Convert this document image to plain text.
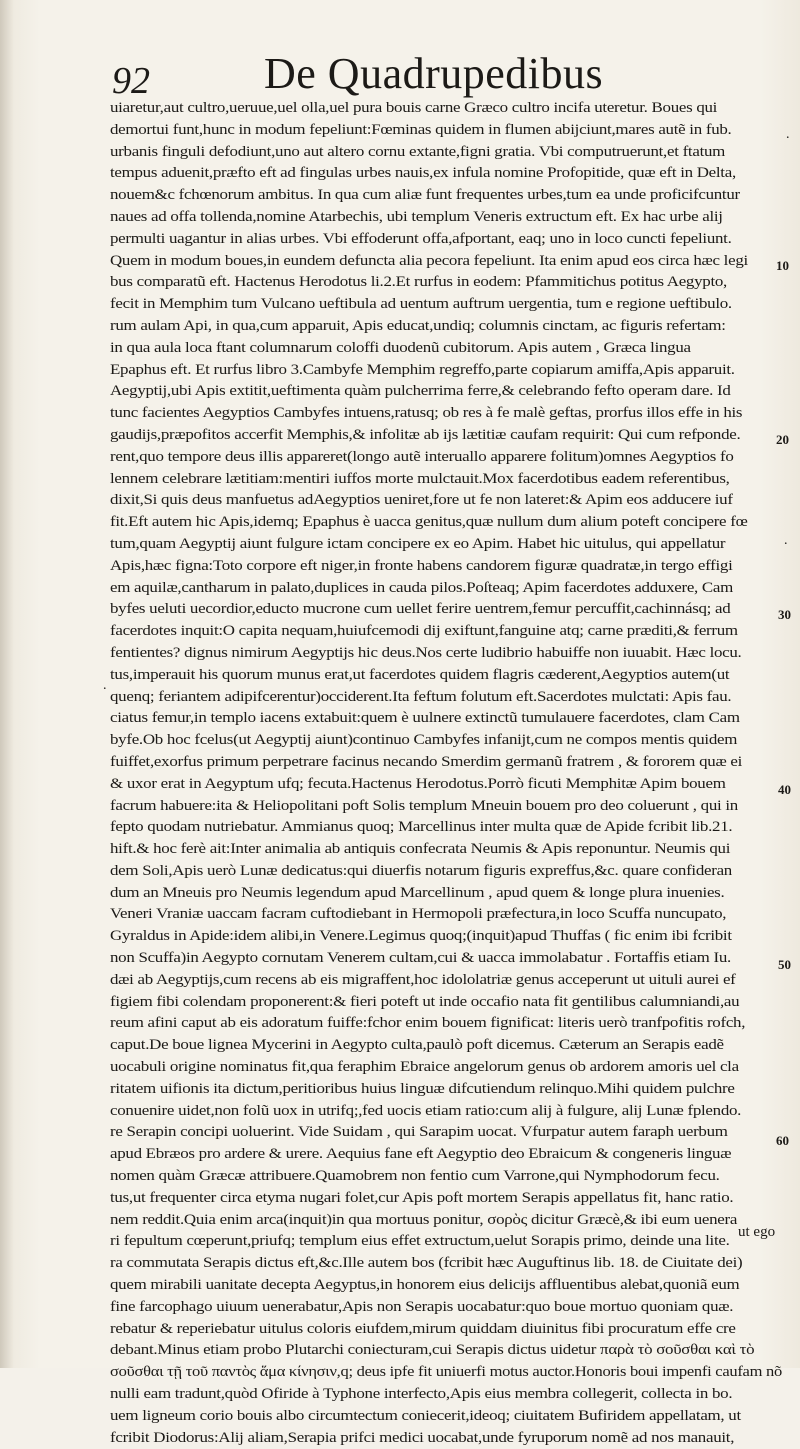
92	De Quadrupedibus
uiaretur,aut cultro,ueruue,uel olla,uel pura bouis carne Græco cultro incifa uteretur. Boues qui
demortui funt,hunc in modum fepeliunt:Fœminas quidem in flumen abijciunt,mares autẽ in fub.
urbanis finguli defodiunt,uno aut altero cornu extante,figni gratia. Vbi computruerunt,et ftatum
tempus aduenit,præfto eft ad fingulas urbes nauis,ex infula nomine Profopitide, quæ eft in Delta,
nouem&c fchœnorum ambitus. In qua cum aliæ funt frequentes urbes,tum ea unde proficifcuntur
naues ad offa tollenda,nomine Atarbechis, ubi templum Veneris extructum eft. Ex hac urbe alij
permulti uagantur in alias urbes. Vbi effoderunt offa,afportant, eaq; uno in loco cuncti fepeliunt.
Quem in modum boues,in eundem defuncta alia pecora fepeliunt. Ita enim apud eos circa hæc legi
bus comparatũ eft. Hactenus Herodotus li.2.Et rurfus in eodem: Pfammitichus potitus Aegypto,
fecit in Memphim tum Vulcano ueftibula ad uentum auftrum uergentia, tum e regione ueftibulo.
rum aulam Api, in qua,cum apparuit, Apis educat,undiq; columnis cinctam, ac figuris refertam:
in qua aula loca ftant columnarum coloffi duodenũ cubitorum. Apis autem , Græca lingua
Epaphus eft. Et rurfus libro 3.Cambyfe Memphim regreffo,parte copiarum amiffa,Apis apparuit.
Aegyptij,ubi Apis extitit,ueftimenta quàm pulcherrima ferre,& celebrando fefto operam dare. Id
tunc facientes Aegyptios Cambyfes intuens,ratusq; ob res à fe malè geftas, prorfus illos effe in his
gaudijs,præpofitos accerfit Memphis,& infolitæ ab ijs lætitiæ caufam requirit: Qui cum refponde.
rent,quo tempore deus illis appareret(longo autẽ interuallo apparere folitum)omnes Aegyptios fo
lennem celebrare lætitiam:mentiri iuffos morte mulctauit.Mox facerdotibus eadem referentibus,
dixit,Si quis deus manfuetus adAegyptios ueniret,fore ut fe non lateret:& Apim eos adducere iuf
fit.Eft autem hic Apis,idemq; Epaphus è uacca genitus,quæ nullum dum alium poteft concipere fœ
tum,quam Aegyptij aiunt fulgure ictam concipere ex eo Apim. Habet hic uitulus, qui appellatur
Apis,hæc figna:Toto corpore eft niger,in fronte habens candorem figuræ quadratæ,in tergo effigi
em aquilæ,cantharum in palato,duplices in cauda pilos.Poſteaq; Apim facerdotes adduxere, Cam
byfes ueluti uecordior,educto mucrone cum uellet ferire uentrem,femur percuffit,cachinnásq; ad
facerdotes inquit:O capita nequam,huiufcemodi dij exiftunt,fanguine atq; carne prӕditi,& ferrum
fentientes? dignus nimirum Aegyptijs hic deus.Nos certe ludibrio habuiffe non iuuabit. Hæc locu.
tus,imperauit his quorum munus erat,ut facerdotes quidem flagris cæderent,Aegyptios autem(ut
quenq; feriantem adipifcerentur)occiderent.Ita feftum folutum eft.Sacerdotes mulctati: Apis fau.
ciatus femur,in templo iacens extabuit:quem è uulnere extinctũ tumulauere facerdotes, clam Cam
byfe.Ob hoc fcelus(ut Aegyptij aiunt)continuo Cambyfes infanijt,cum ne compos mentis quidem
fuiffet,exorfus primum perpetrare facinus necando Smerdim germanũ fratrem , & fororem quæ ei
& uxor erat in Aegyptum ufq; fecuta.Hactenus Herodotus.Porrò ficuti Memphitæ Apim bouem
facrum habuere:ita & Heliopolitani poft Solis templum Mneuin bouem pro deo coluerunt , qui in
fepto quodam nutriebatur. Ammianus quoq; Marcellinus inter multa quæ de Apide fcribit lib.21.
hift.& hoc ferè ait:Inter animalia ab antiquis confecrata Neumis & Apis reponuntur. Neumis qui
dem Soli,Apis uerò Lunæ dedicatus:qui diuerfis notarum figuris expreffus,&c. quare confideran
dum an Mneuis pro Neumis legendum apud Marcellinum , apud quem & longe plura inuenies.
Veneri Vraniæ uaccam facram cuftodiebant in Hermopoli præfectura,in loco Scuffa nuncupato,
Gyraldus in Apide:idem alibi,in Venere.Legimus quoq;(inquit)apud Thuffas ( fic enim ibi fcribit
non Scuffa)in Aegypto cornutam Venerem cultam,cui & uacca immolabatur . Fortaffis etiam Iu.
dæi ab Aegyptijs,cum recens ab eis migraffent,hoc idololatriæ genus acceperunt ut uituli aurei ef
figiem fibi colendam proponerent:& fieri poteft ut inde occafio nata fit gentilibus calumniandi,au
reum afini caput ab eis adoratum fuiffe:fchor enim bouem fignificat: literis uerò tranfpofitis rofch,
caput.De boue lignea Mycerini in Aegypto culta,paulò poft dicemus. Cæterum an Serapis eadẽ
uocabuli origine nominatus fit,qua feraphim Ebraice angelorum genus ob ardorem amoris uel cla
ritatem uifionis ita dictum,peritioribus huius linguæ difcutiendum relinquo.Mihi quidem pulchre
conuenire uidet,non folũ uox in utrifq;,fed uocis etiam ratio:cum alij à fulgure, alij Lunæ fplendo.
re Serapin concipi uoluerint. Vide Suidam , qui Sarapim uocat. Vfurpatur autem faraph uerbum
apud Ebræos pro ardere & urere. Aequius fane eft Aegyptio deo Ebraicum & congeneris linguæ
nomen quàm Græcæ attribuere.Quamobrem non fentio cum Varrone,qui Nymphodorum fecu.
tus,ut frequenter circa etyma nugari folet,cur Apis poft mortem Serapis appellatus fit, hanc ratio.
nem reddit.Quia enim arca(inquit)in qua mortuus ponitur, σορὸς dicitur Græcè,& ibi eum uenera
ri fepultum cœperunt,priufq; templum eius effet extructum,uelut Sorapis primo, deinde una lite.
ra commutata Serapis dictus eft,&c.Ille autem bos (fcribit hæc Auguftinus lib. 18. de Ciuitate dei)
quem mirabili uanitate decepta Aegyptus,in honorem eius delicijs affluentibus alebat,quoniã eum
fine farcophago uiuum uenerabatur,Apis non Serapis uocabatur:quo boue mortuo quoniam quæ.
rebatur & reperiebatur uitulus coloris eiufdem,mirum quiddam diuinitus fibi procuratum effe cre
debant.Minus etiam probo Plutarchi coniecturam,cui Serapis dictus uidetur παρὰ τὸ σοῦσθαι καὶ τὸ
σοῦσθαι τῇ τοῦ παντὸς ἅμα κίνησιν,q; deus ipfe fit uniuerfi motus auctor.Honoris boui impenfi caufam nõ
nulli eam tradunt,quòd Ofiride à Typhone interfecto,Apis eius membra collegerit, collecta in bo.
uem ligneum corio bouis albo circumtectum coniecerit,ideoq; ciuitatem Bufiridem appellatam, ut
fcribit Diodorus:Alij aliam,Serapia prifci medici uocabat,unde fyruporum nomẽ ad nos manauit,
10
20
30
40
50
60
.
.
.
ut ego
